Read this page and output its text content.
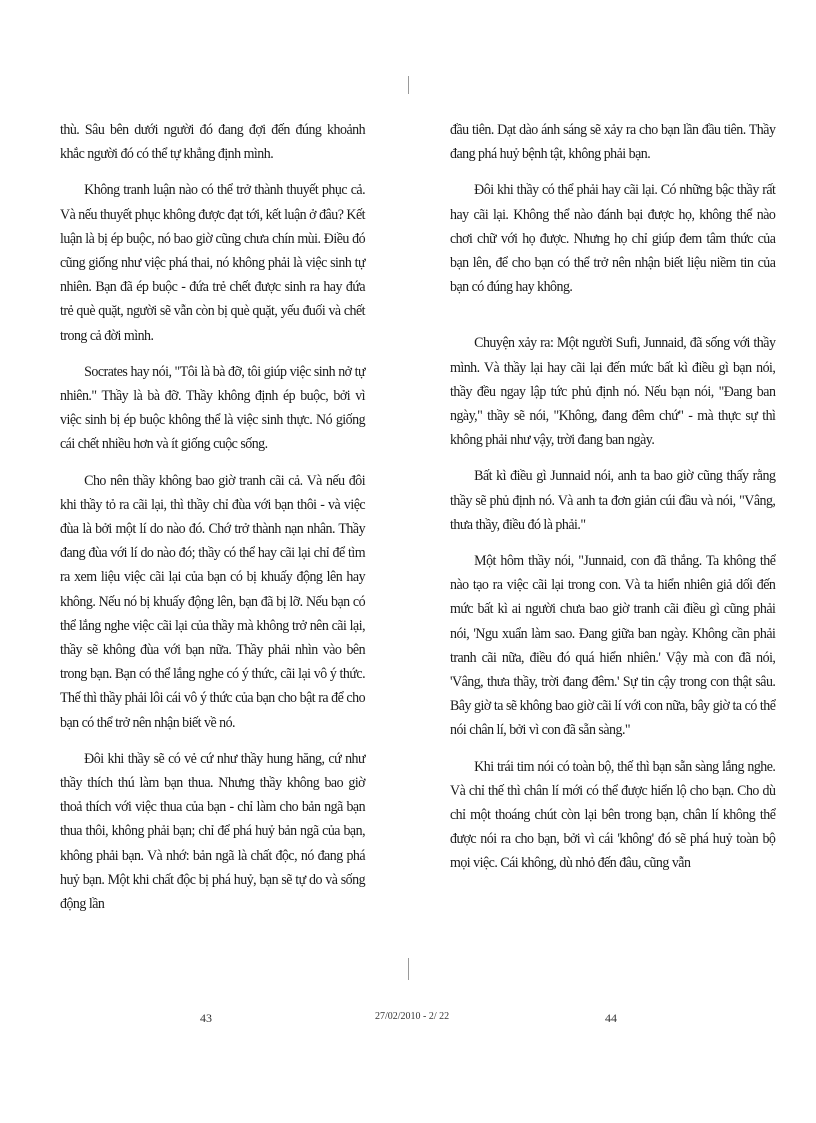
thù. Sâu bên dưới người đó đang đợi đến đúng khoảnh khắc người đó có thể tự khẳng định mình.

Không tranh luận nào có thể trở thành thuyết phục cả. Và nếu thuyết phục không được đạt tới, kết luận ở đâu? Kết luận là bị ép buộc, nó bao giờ cũng chưa chín mùi. Điều đó cũng giống như việc phá thai, nó không phải là việc sinh tự nhiên. Bạn đã ép buộc - đứa trẻ chết được sinh ra hay đứa trẻ què quặt, người sẽ vẫn còn bị què quặt, yếu đuối và chết trong cả đời mình.

Socrates hay nói, "Tôi là bà đỡ, tôi giúp việc sinh nở tự nhiên." Thầy là bà đỡ. Thầy không định ép buộc, bởi vì việc sinh bị ép buộc không thể là việc sinh thực. Nó giống cái chết nhiều hơn và ít giống cuộc sống.

Cho nên thầy không bao giờ tranh cãi cả. Và nếu đôi khi thầy tỏ ra cãi lại, thì thầy chỉ đùa với bạn thôi - và việc đùa là bởi một lí do nào đó. Chớ trở thành nạn nhân. Thầy đang đùa với lí do nào đó; thầy có thể hay cãi lại chỉ để tìm ra xem liệu việc cãi lại của bạn có bị khuấy động lên hay không. Nếu nó bị khuấy động lên, bạn đã bị lỡ. Nếu bạn có thể lắng nghe việc cãi lại của thầy mà không trở nên cãi lại, thầy sẽ không đùa với bạn nữa. Thầy phải nhìn vào bên trong bạn. Bạn có thể lắng nghe có ý thức, cãi lại vô ý thức. Thế thì thầy phải lôi cái vô ý thức của bạn cho bật ra để cho bạn có thể trở nên nhận biết về nó.

Đôi khi thầy sẽ có vẻ cứ như thầy hung hăng, cứ như thầy thích thú làm bạn thua. Nhưng thầy không bao giờ thoả thích với việc thua của bạn - chỉ làm cho bản ngã bạn thua thôi, không phải bạn; chỉ để phá huỷ bản ngã của bạn, không phải bạn. Và nhớ: bản ngã là chất độc, nó đang phá huỷ bạn. Một khi chất độc bị phá huỷ, bạn sẽ tự do và sống động lần

đầu tiên. Dạt dào ánh sáng sẽ xảy ra cho bạn lần đầu tiên. Thầy đang phá huỷ bệnh tật, không phải bạn.

Đôi khi thầy có thể phải hay cãi lại. Có những bậc thầy rất hay cãi lại. Không thể nào đánh bại được họ, không thể nào chơi chữ với họ được. Nhưng họ chỉ giúp đem tâm thức của bạn lên, để cho bạn có thể trở nên nhận biết liệu niềm tin của bạn có đúng hay không.

Chuyện xảy ra: Một người Sufi, Junnaid, đã sống với thầy mình. Và thầy lại hay cãi lại đến mức bất kì điều gì bạn nói, thầy đều ngay lập tức phủ định nó. Nếu bạn nói, "Đang ban ngày," thầy sẽ nói, "Không, đang đêm chứ" - mà thực sự thì không phải như vậy, trời đang ban ngày.

Bất kì điều gì Junnaid nói, anh ta bao giờ cũng thấy rằng thầy sẽ phủ định nó. Và anh ta đơn giản cúi đầu và nói, "Vâng, thưa thầy, điều đó là phải."

Một hôm thầy nói, "Junnaid, con đã thắng. Ta không thể nào tạo ra việc cãi lại trong con. Và ta hiển nhiên giả dối đến mức bất kì ai người chưa bao giờ tranh cãi điều gì cũng phải nói, 'Ngu xuẩn làm sao. Đang giữa ban ngày. Không cần phải tranh cãi nữa, điều đó quá hiển nhiên.' Vậy mà con đã nói, 'Vâng, thưa thầy, trời đang đêm.' Sự tin cậy trong con thật sâu. Bây giờ ta sẽ không bao giờ cãi lí với con nữa, bây giờ ta có thể nói chân lí, bởi vì con đã sẵn sàng."

Khi trái tim nói có toàn bộ, thế thì bạn sẵn sàng lắng nghe. Và chỉ thế thì chân lí mới có thể được hiển lộ cho bạn. Cho dù chỉ một thoáng chút còn lại bên trong bạn, chân lí không thể được nói ra cho bạn, bởi vì cái 'không' đó sẽ phá huỷ toàn bộ mọi việc. Cái không, dù nhỏ đến đâu, cũng vẫn

43	27/02/2010 - 2/ 22	44
